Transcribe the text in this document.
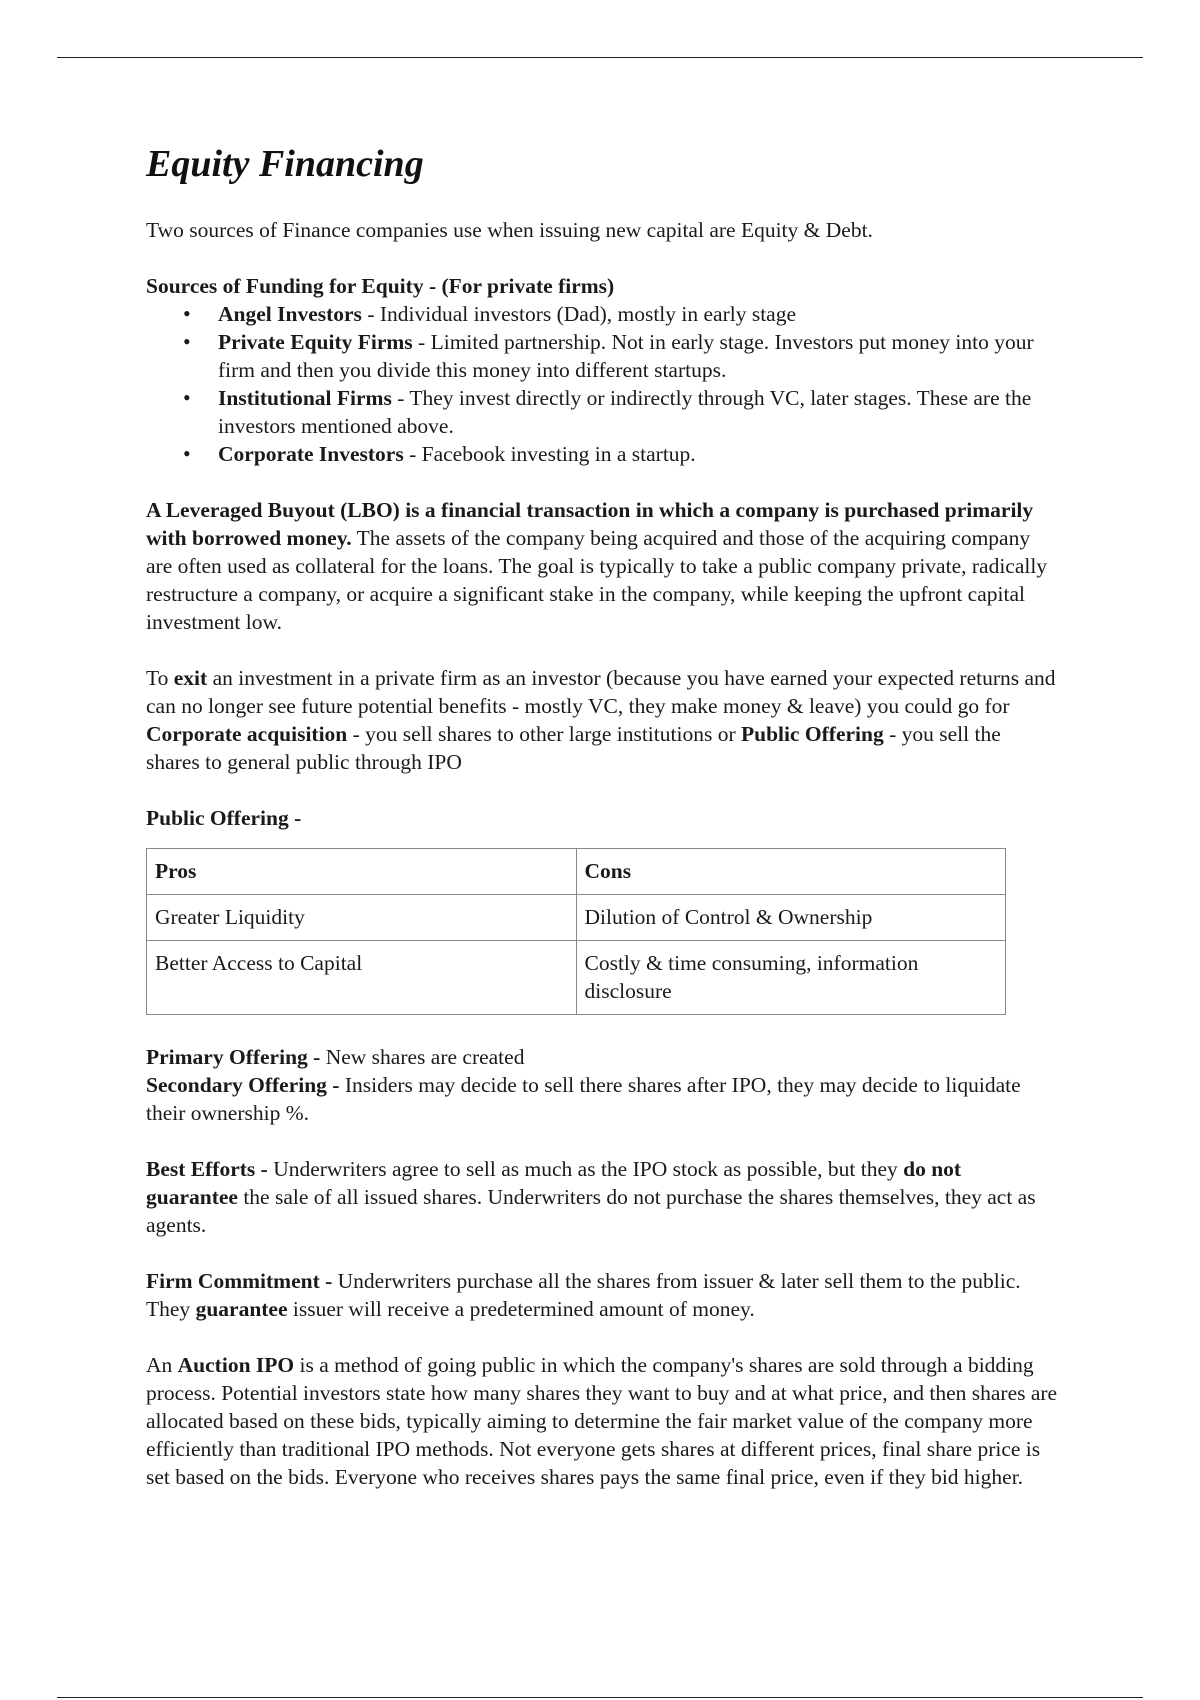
Equity Financing

Two sources of Finance companies use when issuing new capital are Equity & Debt.

Sources of Funding for Equity - (For private firms)

• Angel Investors - Individual investors (Dad), mostly in early stage
• Private Equity Firms - Limited partnership. Not in early stage. Investors put money into your firm and then you divide this money into different startups.
• Institutional Firms - They invest directly or indirectly through VC, later stages. These are the investors mentioned above.
• Corporate Investors - Facebook investing in a startup.

A Leveraged Buyout (LBO) is a financial transaction in which a company is purchased primarily with borrowed money. The assets of the company being acquired and those of the acquiring company are often used as collateral for the loans. The goal is typically to take a public company private, radically restructure a company, or acquire a significant stake in the company, while keeping the upfront capital investment low.

To exit an investment in a private firm as an investor (because you have earned your expected returns and can no longer see future potential benefits - mostly VC, they make money & leave) you could go for Corporate acquisition - you sell shares to other large institutions or Public Offering - you sell the shares to general public through IPO

Public Offering -

Pros	Cons
Greater Liquidity	Dilution of Control & Ownership
Better Access to Capital	Costly & time consuming, information disclosure

Primary Offering - New shares are created

Secondary Offering - Insiders may decide to sell there shares after IPO, they may decide to liquidate their ownership %.

Best Efforts - Underwriters agree to sell as much as the IPO stock as possible, but they do not guarantee the sale of all issued shares. Underwriters do not purchase the shares themselves, they act as agents.

Firm Commitment - Underwriters purchase all the shares from issuer & later sell them to the public. They guarantee issuer will receive a predetermined amount of money.

An Auction IPO is a method of going public in which the company's shares are sold through a bidding process. Potential investors state how many shares they want to buy and at what price, and then shares are allocated based on these bids, typically aiming to determine the fair market value of the company more efficiently than traditional IPO methods. Not everyone gets shares at different prices, final share price is set based on the bids. Everyone who receives shares pays the same final price, even if they bid higher.
